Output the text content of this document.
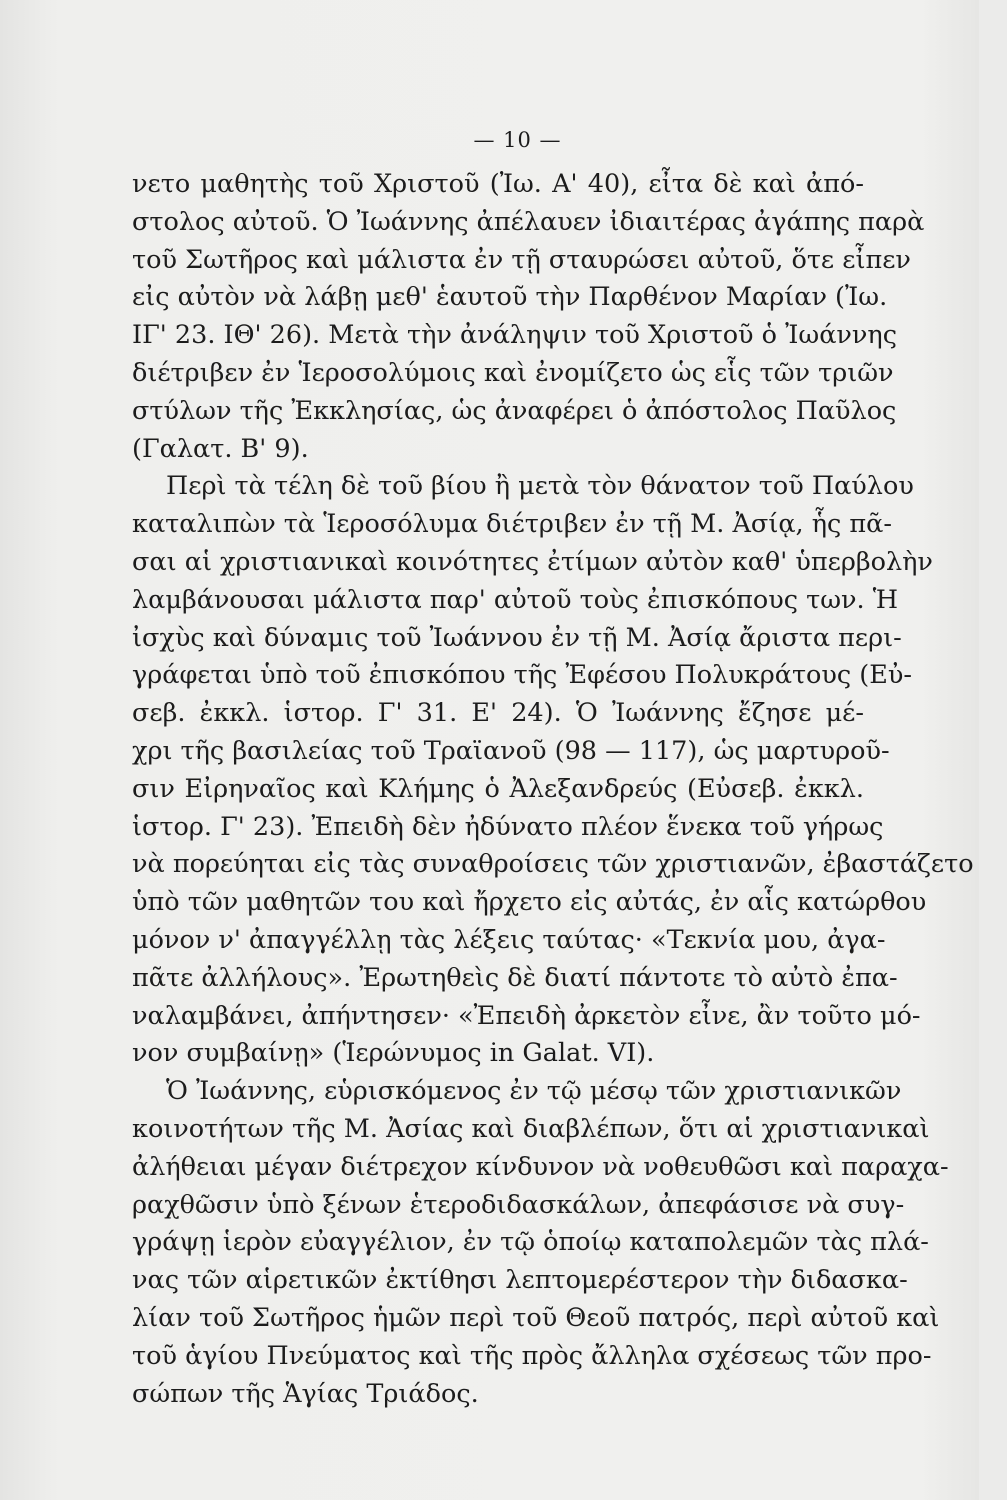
— 10 —
νετο μαθητὴς τοῦ Χριστοῦ (Ἰω. Α' 40), εἶτα δὲ καὶ ἀπό-
στολος αὐτοῦ. Ὁ Ἰωάννης ἀπέλαυεν ἰδιαιτέρας ἀγάπης παρὰ
τοῦ Σωτῆρος καὶ μάλιστα ἐν τῇ σταυρώσει αὐτοῦ, ὅτε εἶπεν
εἰς αὐτὸν νὰ λάβῃ μεθ' ἑαυτοῦ τὴν Παρθένον Μαρίαν (Ἰω.
ΙΓ' 23. ΙΘ' 26). Μετὰ τὴν ἀνάληψιν τοῦ Χριστοῦ ὁ Ἰωάννης
διέτριβεν ἐν Ἱεροσολύμοις καὶ ἐνομίζετο ὡς εἷς τῶν τριῶν
στύλων τῆς Ἐκκλησίας, ὡς ἀναφέρει ὁ ἀπόστολος Παῦλος
(Γαλατ. Β' 9).
Περὶ τὰ τέλη δὲ τοῦ βίου ἢ μετὰ τὸν θάνατον τοῦ Παύλου
καταλιπὼν τὰ Ἱεροσόλυμα διέτριβεν ἐν τῇ Μ. Ἀσίᾳ, ἧς πᾶ-
σαι αἱ χριστιανικαὶ κοινότητες ἐτίμων αὐτὸν καθ' ὑπερβολὴν
λαμβάνουσαι μάλιστα παρ' αὐτοῦ τοὺς ἐπισκόπους των. Ἡ
ἰσχὺς καὶ δύναμις τοῦ Ἰωάννου ἐν τῇ Μ. Ἀσίᾳ ἄριστα περι-
γράφεται ὑπὸ τοῦ ἐπισκόπου τῆς Ἐφέσου Πολυκράτους (Εὐ-
σεβ. ἐκκλ. ἱστορ. Γ' 31. Ε' 24). Ὁ Ἰωάννης ἔζησε μέ-
χρι τῆς βασιλείας τοῦ Τραϊανοῦ (98 — 117), ὡς μαρτυροῦ-
σιν Εἰρηναῖος καὶ Κλήμης ὁ Ἀλεξανδρεύς (Εὐσεβ. ἐκκλ.
ἱστορ. Γ' 23). Ἐπειδὴ δὲν ἠδύνατο πλέον ἕνεκα τοῦ γήρως
νὰ πορεύηται εἰς τὰς συναθροίσεις τῶν χριστιανῶν, ἐβαστάζετο
ὑπὸ τῶν μαθητῶν του καὶ ἤρχετο εἰς αὐτάς, ἐν αἷς κατώρθου
μόνον ν' ἀπαγγέλλῃ τὰς λέξεις ταύτας· «Τεκνία μου, ἀγα-
πᾶτε ἀλλήλους». Ἐρωτηθεὶς δὲ διατί πάντοτε τὸ αὐτὸ ἐπα-
ναλαμβάνει, ἀπήντησεν· «Ἐπειδὴ ἀρκετὸν εἶνε, ἂν τοῦτο μό-
νον συμβαίνῃ» (Ἱερώνυμος in Galat. VI).
Ὁ Ἰωάννης, εὑρισκόμενος ἐν τῷ μέσῳ τῶν χριστιανικῶν
κοινοτήτων τῆς Μ. Ἀσίας καὶ διαβλέπων, ὅτι αἱ χριστιανικαὶ
ἀλήθειαι μέγαν διέτρεχον κίνδυνον νὰ νοθευθῶσι καὶ παραχα-
ραχθῶσιν ὑπὸ ξένων ἑτεροδιδασκάλων, ἀπεφάσισε νὰ συγ-
γράψῃ ἱερὸν εὐαγγέλιον, ἐν τῷ ὁποίῳ καταπολεμῶν τὰς πλά-
νας τῶν αἱρετικῶν ἐκτίθησι λεπτομερέστερον τὴν διδασκα-
λίαν τοῦ Σωτῆρος ἡμῶν περὶ τοῦ Θεοῦ πατρός, περὶ αὐτοῦ καὶ
τοῦ ἁγίου Πνεύματος καὶ τῆς πρὸς ἄλληλα σχέσεως τῶν προ-
σώπων τῆς Ἁγίας Τριάδος.
